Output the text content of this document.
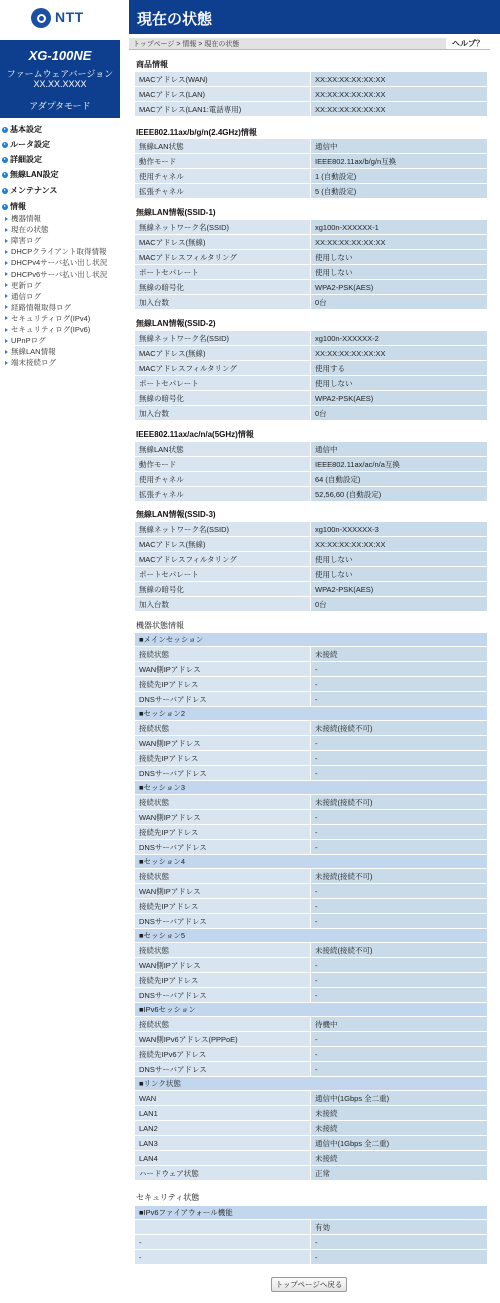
NTT
XG-100NE
ファームウェアバージョン
XX.XX.XXXX
アダプタモード
基本設定
ルータ設定
詳細設定
無線LAN設定
メンテナンス
情報
機器情報
現在の状態
障害ログ
DHCPクライアント取得情報
DHCPv4サーバ払い出し状況
DHCPv6サーバ払い出し状況
更新ログ
通信ログ
経路情報取得ログ
セキュリティログ(IPv4)
セキュリティログ(IPv6)
UPnPログ
無線LAN情報
端末接続ログ
現在の状態
トップページ > 情報 > 現在の状態	ヘルプ？
商品情報
MACアドレス(WAN)	XX:XX:XX:XX:XX:XX
MACアドレス(LAN)	XX:XX:XX:XX:XX:XX
MACアドレス(LAN1:電話専用)	XX:XX:XX:XX:XX:XX
IEEE802.11ax/b/g/n(2.4GHz)情報
無線LAN状態	通信中
動作モード	IEEE802.11ax/b/g/n互換
使用チャネル	1 (自動設定)
拡張チャネル	5 (自動設定)
無線LAN情報(SSID-1)
無線ネットワーク名(SSID)	xg100n-XXXXXX-1
MACアドレス(無線)	XX:XX:XX:XX:XX:XX
MACアドレスフィルタリング	使用しない
ポートセパレート	使用しない
無線の暗号化	WPA2-PSK(AES)
加入台数	0台
無線LAN情報(SSID-2)
無線ネットワーク名(SSID)	xg100n-XXXXXX-2
MACアドレス(無線)	XX:XX:XX:XX:XX:XX
MACアドレスフィルタリング	使用する
ポートセパレート	使用しない
無線の暗号化	WPA2-PSK(AES)
加入台数	0台
IEEE802.11ax/ac/n/a(5GHz)情報
無線LAN状態	通信中
動作モード	IEEE802.11ax/ac/n/a互換
使用チャネル	64 (自動設定)
拡張チャネル	52,56,60 (自動設定)
無線LAN情報(SSID-3)
無線ネットワーク名(SSID)	xg100n-XXXXXX-3
MACアドレス(無線)	XX:XX:XX:XX:XX:XX
MACアドレスフィルタリング	使用しない
ポートセパレート	使用しない
無線の暗号化	WPA2-PSK(AES)
加入台数	0台
機器状態情報
■メインセッション	
接続状態	未接続
WAN側IPアドレス	-
接続先IPアドレス	-
DNSサーバアドレス	-
■セッション2	
接続状態	未接続(接続不可)
WAN側IPアドレス	-
接続先IPアドレス	-
DNSサーバアドレス	-
■セッション3	
接続状態	未接続(接続不可)
WAN側IPアドレス	-
接続先IPアドレス	-
DNSサーバアドレス	-
■セッション4	
接続状態	未接続(接続不可)
WAN側IPアドレス	-
接続先IPアドレス	-
DNSサーバアドレス	-
■セッション5	
接続状態	未接続(接続不可)
WAN側IPアドレス	-
接続先IPアドレス	-
DNSサーバアドレス	-
■IPv6セッション	
接続状態	待機中
WAN側IPv6アドレス(PPPoE)	-
接続先IPv6アドレス	-
DNSサーバアドレス	-
■リンク状態	
WAN	通信中(1Gbps 全二重)
LAN1	未接続
LAN2	未接続
LAN3	通信中(1Gbps 全二重)
LAN4	未接続
ハードウェア状態	正常
セキュリティ状態
■IPv6ファイアウォール機能	
	有効
-	-
-	-
トップページへ戻る
